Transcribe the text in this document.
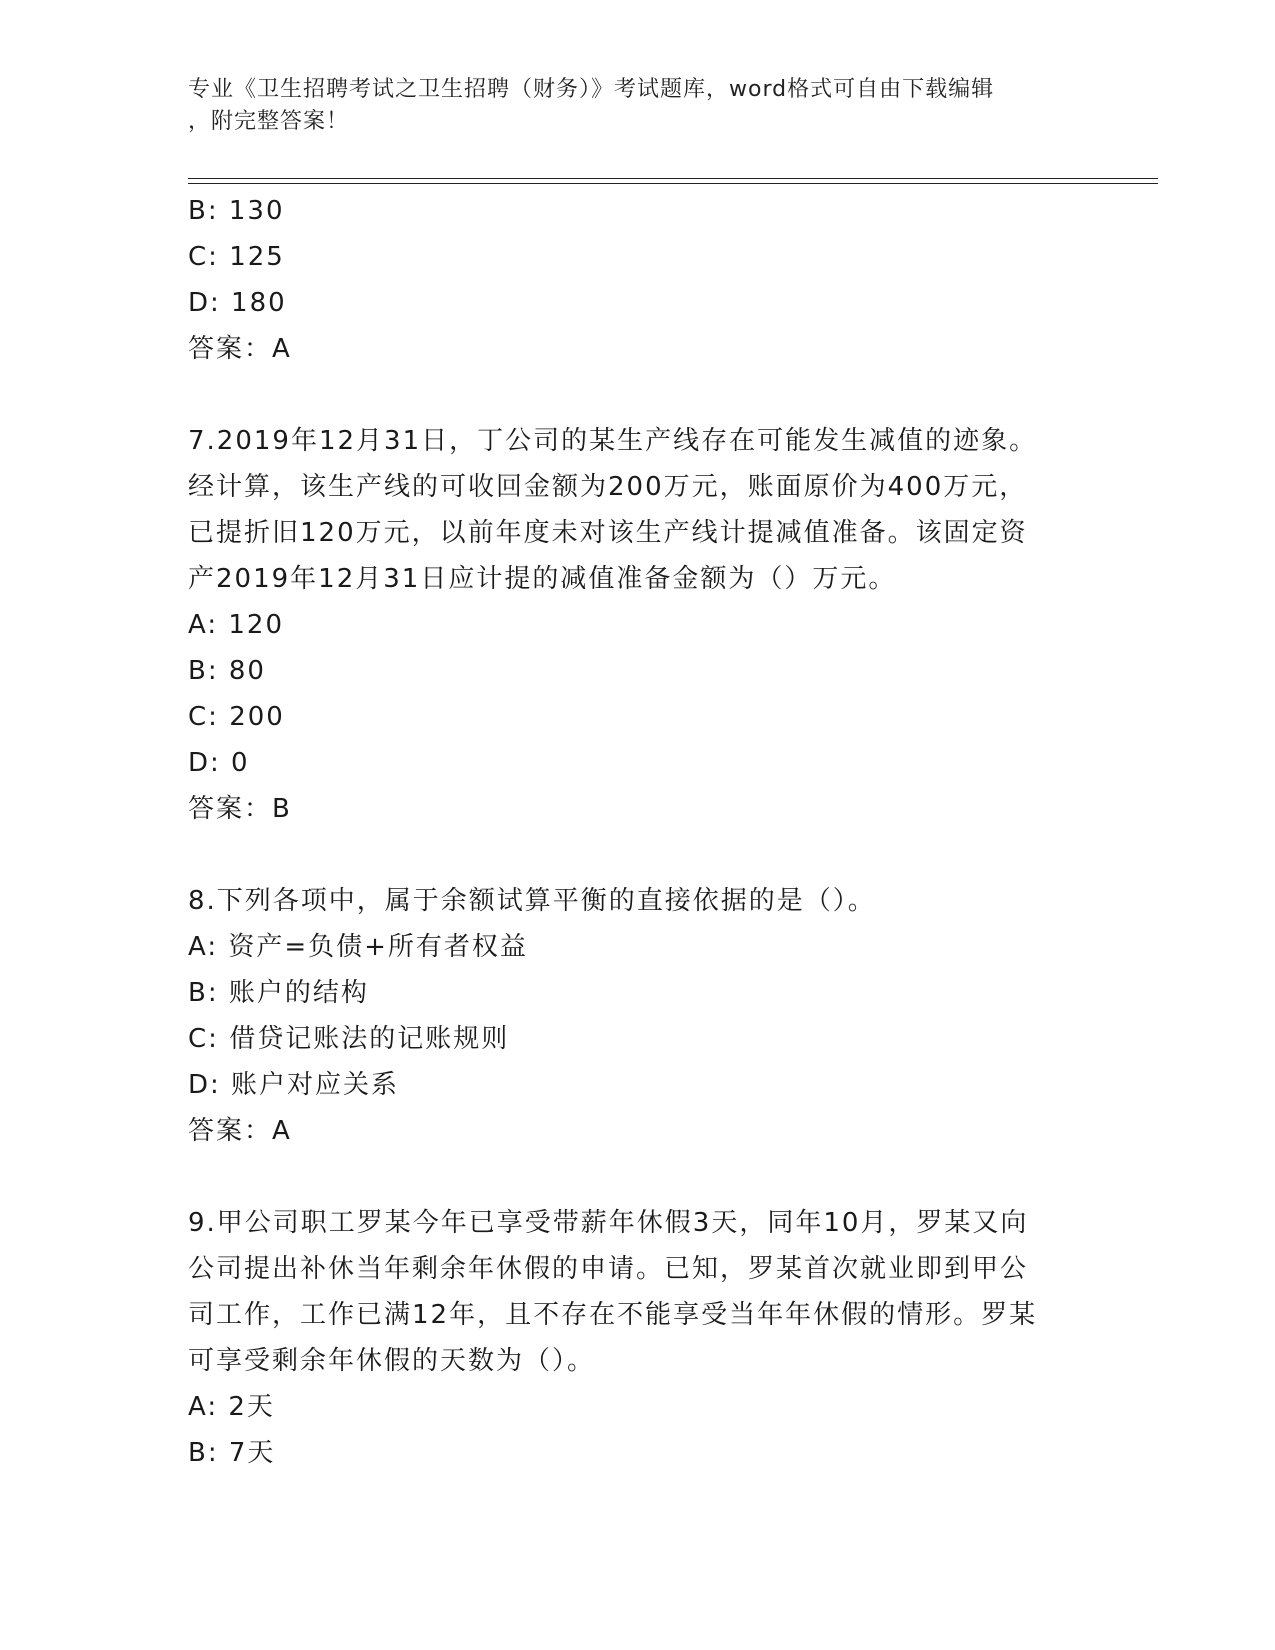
专业《卫生招聘考试之卫生招聘（财务）》考试题库，word格式可自由下载编辑
，附完整答案！
B: 130
C: 125
D: 180
答案：A
7.2019年12月31日，丁公司的某生产线存在可能发生减值的迹象。
经计算，该生产线的可收回金额为200万元，账面原价为400万元，
已提折旧120万元，以前年度未对该生产线计提减值准备。该固定资
产2019年12月31日应计提的减值准备金额为（）万元。
A: 120
B: 80
C: 200
D: 0
答案：B
8.下列各项中，属于余额试算平衡的直接依据的是（）。
A: 资产=负债+所有者权益
B: 账户的结构
C: 借贷记账法的记账规则
D: 账户对应关系
答案：A
9.甲公司职工罗某今年已享受带薪年休假3天，同年10月，罗某又向
公司提出补休当年剩余年休假的申请。已知，罗某首次就业即到甲公
司工作，工作已满12年，且不存在不能享受当年年休假的情形。罗某
可享受剩余年休假的天数为（）。
A: 2天
B: 7天
